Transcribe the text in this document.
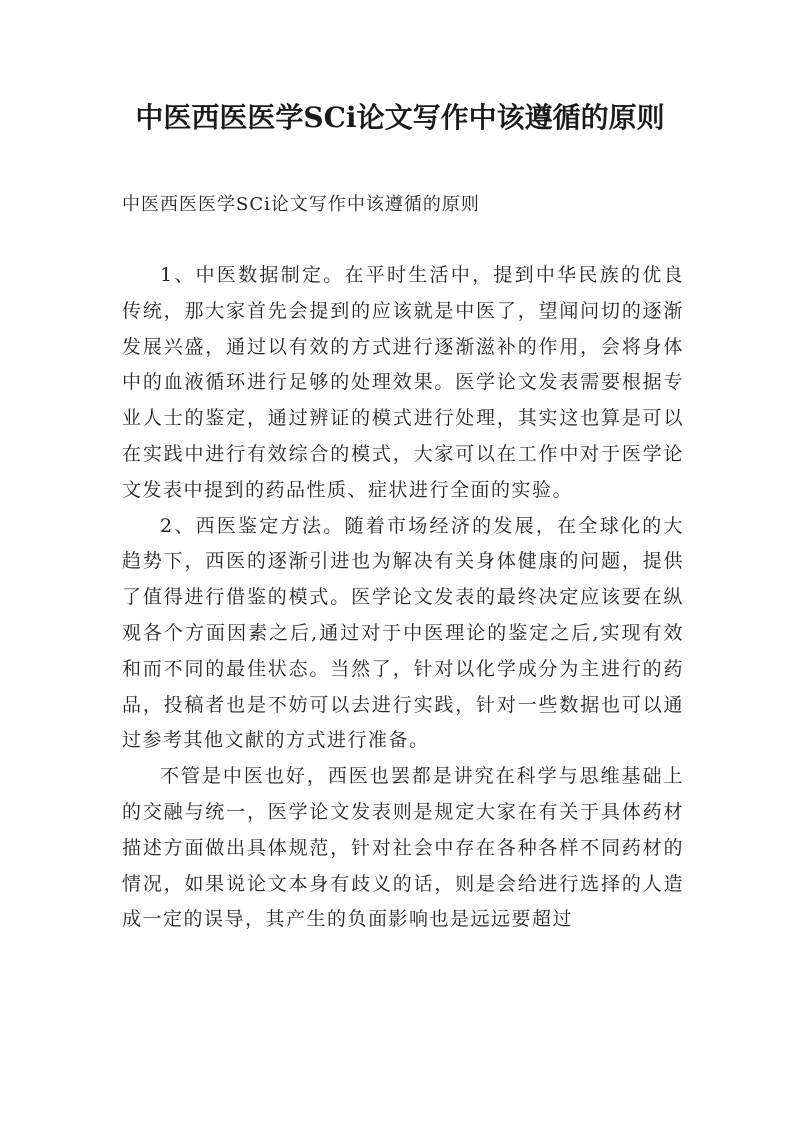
中医西医医学SCi论文写作中该遵循的原则
中医西医医学SCi论文写作中该遵循的原则

1、中医数据制定。在平时生活中，提到中华民族的优良传统，那大家首先会提到的应该就是中医了，望闻问切的逐渐发展兴盛，通过以有效的方式进行逐渐滋补的作用，会将身体中的血液循环进行足够的处理效果。医学论文发表需要根据专业人士的鉴定，通过辨证的模式进行处理，其实这也算是可以在实践中进行有效综合的模式，大家可以在工作中对于医学论文发表中提到的药品性质、症状进行全面的实验。

2、西医鉴定方法。随着市场经济的发展，在全球化的大趋势下，西医的逐渐引进也为解决有关身体健康的问题，提供了值得进行借鉴的模式。医学论文发表的最终决定应该要在纵观各个方面因素之后,通过对于中医理论的鉴定之后,实现有效和而不同的最佳状态。当然了，针对以化学成分为主进行的药品，投稿者也是不妨可以去进行实践，针对一些数据也可以通过参考其他文献的方式进行准备。

不管是中医也好，西医也罢都是讲究在科学与思维基础上的交融与统一，医学论文发表则是规定大家在有关于具体药材描述方面做出具体规范，针对社会中存在各种各样不同药材的情况，如果说论文本身有歧义的话，则是会给进行选择的人造成一定的误导，其产生的负面影响也是远远要超过
